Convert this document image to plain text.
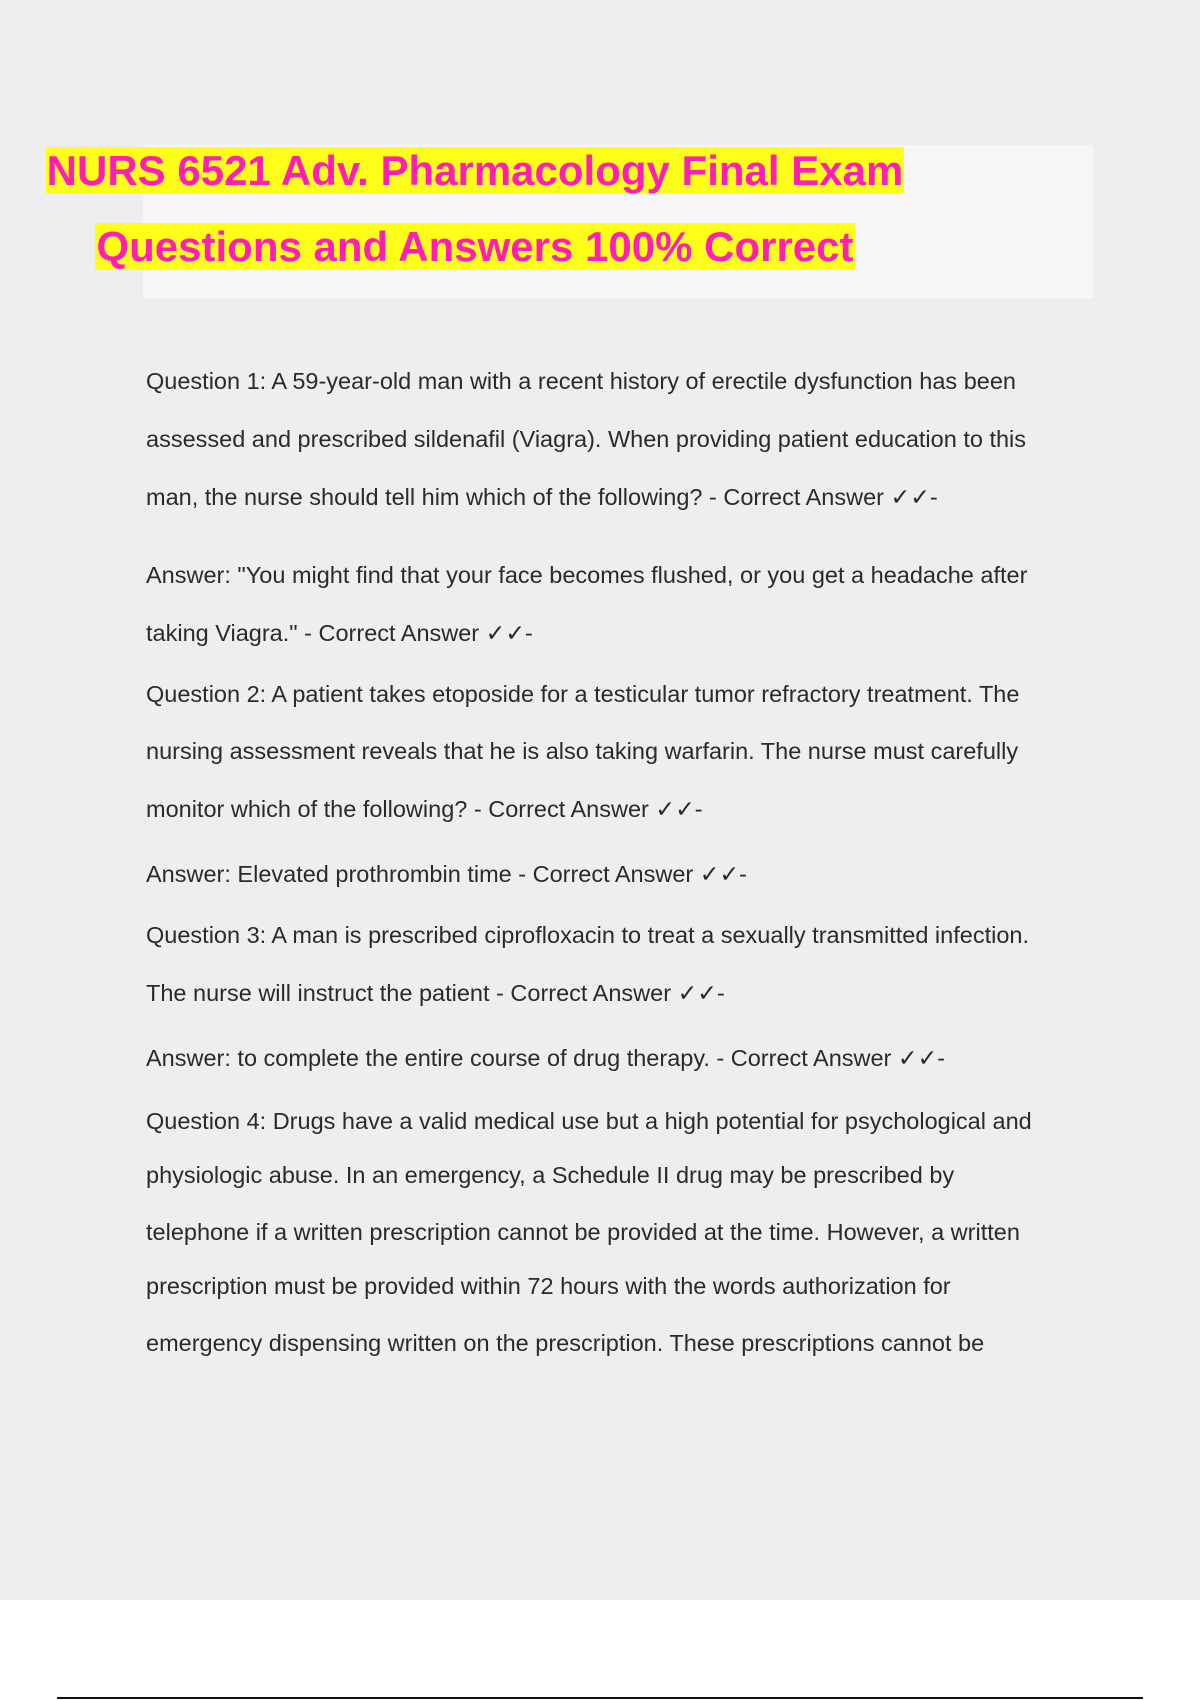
NURS 6521 Adv. Pharmacology Final Exam
Questions and Answers 100% Correct
Question 1: A 59-year-old man with a recent history of erectile dysfunction has been
assessed and prescribed sildenafil (Viagra). When providing patient education to this
man, the nurse should tell him which of the following? - Correct Answer ✓✓-
Answer: "You might find that your face becomes flushed, or you get a headache after
taking Viagra." - Correct Answer ✓✓-
Question 2: A patient takes etoposide for a testicular tumor refractory treatment. The
nursing assessment reveals that he is also taking warfarin. The nurse must carefully
monitor which of the following? - Correct Answer ✓✓-
Answer: Elevated prothrombin time - Correct Answer ✓✓-
Question 3: A man is prescribed ciprofloxacin to treat a sexually transmitted infection.
The nurse will instruct the patient - Correct Answer ✓✓-
Answer: to complete the entire course of drug therapy. - Correct Answer ✓✓-
Question 4: Drugs have a valid medical use but a high potential for psychological and
physiologic abuse. In an emergency, a Schedule II drug may be prescribed by
telephone if a written prescription cannot be provided at the time. However, a written
prescription must be provided within 72 hours with the words authorization for
emergency dispensing written on the prescription. These prescriptions cannot be
